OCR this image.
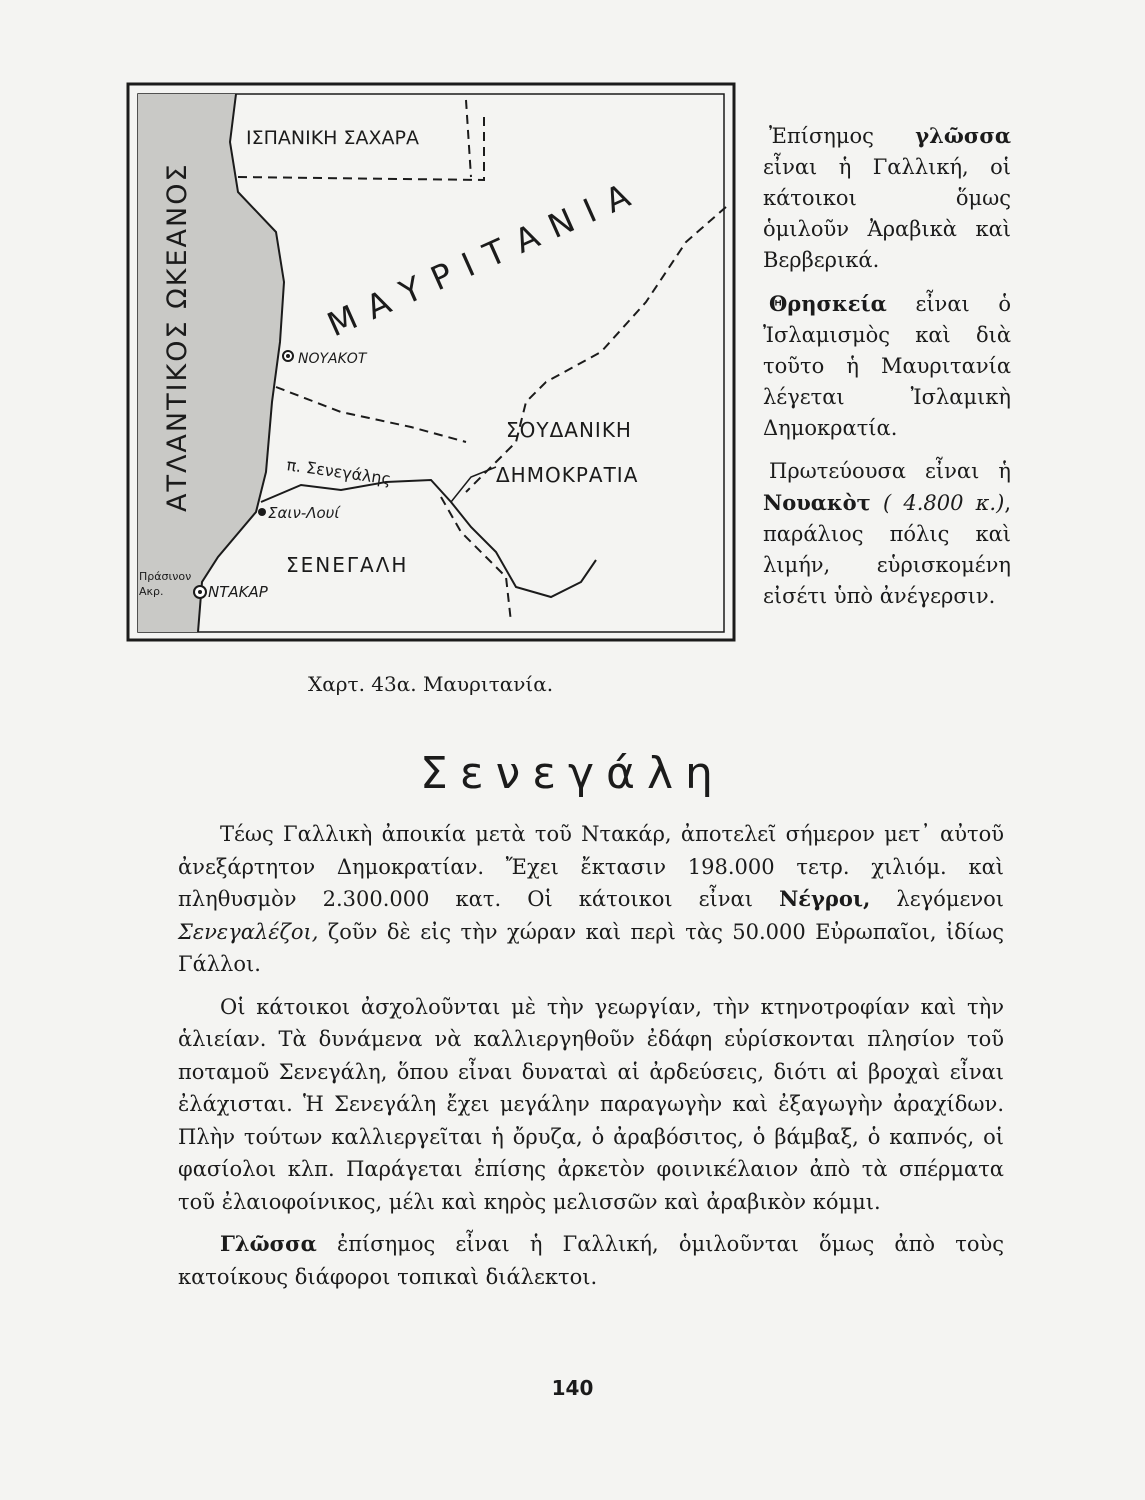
ΑΤΛΑΝΤΙΚΟΣ ΩΚΕΑΝΟΣ
ΙΣΠΑΝΙΚΗ ΣΑΧΑΡΑ
ΜΑΥΡΙΤΑΝΙΑ
ΝΟΥΑΚΟΤ
ΣΟΥΔΑΝΙΚΗ
ΔΗΜΟΚΡΑΤΙΑ
π. Σενεγάλης
Σαιν-Λουί
ΣΕΝΕΓΑΛΗ
Πράσινον
Ακρ.	ΝΤΑΚΑΡ
Χαρτ. 43α. Μαυριτανία.

Ἐπίσημος γλῶσσα εἶναι ἡ Γαλλική, οἱ κάτοικοι ὅμως ὁμιλοῦν Ἀραβικὰ καὶ Βερβερικά.

Θρησκεία εἶναι ὁ Ἰσλαμισμὸς καὶ διὰ τοῦτο ἡ Μαυριτανία λέγεται Ἰσλαμικὴ Δημοκρατία.

Πρωτεύουσα εἶναι ἡ Νουακὸτ ( 4.800 κ.), παράλιος πόλις καὶ λιμήν, εὑρισκομένη εἰσέτι ὑπὸ ἀνέγερσιν.

Σενεγάλη

Τέως Γαλλικὴ ἀποικία μετὰ τοῦ Ντακάρ, ἀποτελεῖ σήμερον μετ᾽ αὐτοῦ ἀνεξάρτητον Δημοκρατίαν. Ἔχει ἔκτασιν 198.000 τετρ. χιλιόμ. καὶ πληθυσμὸν 2.300.000 κατ. Οἱ κάτοικοι εἶναι Νέγροι, λεγόμενοι Σενεγαλέζοι, ζοῦν δὲ εἰς τὴν χώραν καὶ περὶ τὰς 50.000 Εὐρωπαῖοι, ἰδίως Γάλλοι.

Οἱ κάτοικοι ἀσχολοῦνται μὲ τὴν γεωργίαν, τὴν κτηνοτροφίαν καὶ τὴν ἁλιείαν. Τὰ δυνάμενα νὰ καλλιεργηθοῦν ἐδάφη εὑρίσκονται πλησίον τοῦ ποταμοῦ Σενεγάλη, ὅπου εἶναι δυναταὶ αἱ ἀρδεύσεις, διότι αἱ βροχαὶ εἶναι ἐλάχισται. Ἡ Σενεγάλη ἔχει μεγάλην παραγωγὴν καὶ ἐξαγωγὴν ἀραχίδων. Πλὴν τούτων καλλιεργεῖται ἡ ὄρυζα, ὁ ἀραβόσιτος, ὁ βάμβαξ, ὁ καπνός, οἱ φασίολοι κλπ. Παράγεται ἐπίσης ἀρκετὸν φοινικέλαιον ἀπὸ τὰ σπέρματα τοῦ ἐλαιοφοίνικος, μέλι καὶ κηρὸς μελισσῶν καὶ ἀραβικὸν κόμμι.

Γλῶσσα ἐπίσημος εἶναι ἡ Γαλλική, ὁμιλοῦνται ὅμως ἀπὸ τοὺς κατοίκους διάφοροι τοπικαὶ διάλεκτοι.

140
